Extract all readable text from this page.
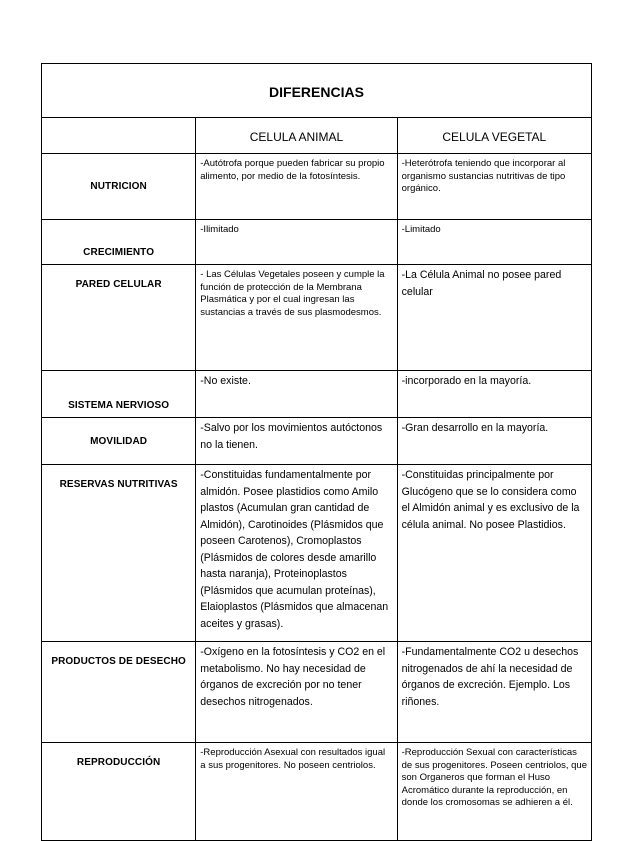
DIFERENCIAS		
	CELULA ANIMAL	CELULA VEGETAL
NUTRICION	-Autótrofa porque pueden fabricar su propio alimento, por medio de la fotosíntesis.	-Heterótrofa teniendo que incorporar al organismo sustancias nutritivas de tipo orgánico.
CRECIMIENTO	-Ilimitado	-Limitado
PARED CELULAR	- Las Células Vegetales poseen y cumple la función de protección de la Membrana Plasmática y por el cual ingresan las sustancias a través de sus plasmodesmos.	-La Célula Animal no posee pared celular
SISTEMA NERVIOSO	-No existe.	-incorporado en la mayoría.
MOVILIDAD	-Salvo por los movimientos autóctonos no la tienen.	-Gran desarrollo en la mayoría.
RESERVAS NUTRITIVAS	-Constituidas fundamentalmente por almidón. Posee plastidios como Amilo plastos (Acumulan gran cantidad de Almidón), Carotinoides (Plásmidos que poseen Carotenos), Cromoplastos (Plásmidos de colores desde amarillo hasta naranja), Proteinoplastos (Plásmidos que acumulan proteínas), Elaioplastos (Plásmidos que almacenan aceites y grasas).	-Constituidas principalmente por Glucógeno que se lo considera como el Almidón animal y es exclusivo de la célula animal. No posee Plastidios.
PRODUCTOS DE DESECHO	-Oxígeno en la fotosíntesis y CO2 en el metabolismo. No hay necesidad de órganos de excreción por no tener desechos nitrogenados.	-Fundamentalmente CO2 u desechos nitrogenados de ahí la necesidad de órganos de excreción. Ejemplo. Los riñones.
REPRODUCCIÓN	-Reproducción Asexual con resultados igual a sus progenitores. No poseen centriolos.	-Reproducción Sexual con características de sus progenitores. Poseen centriolos, que son Organeros que forman el Huso Acromático durante la reproducción, en donde los cromosomas se adhieren a él.
